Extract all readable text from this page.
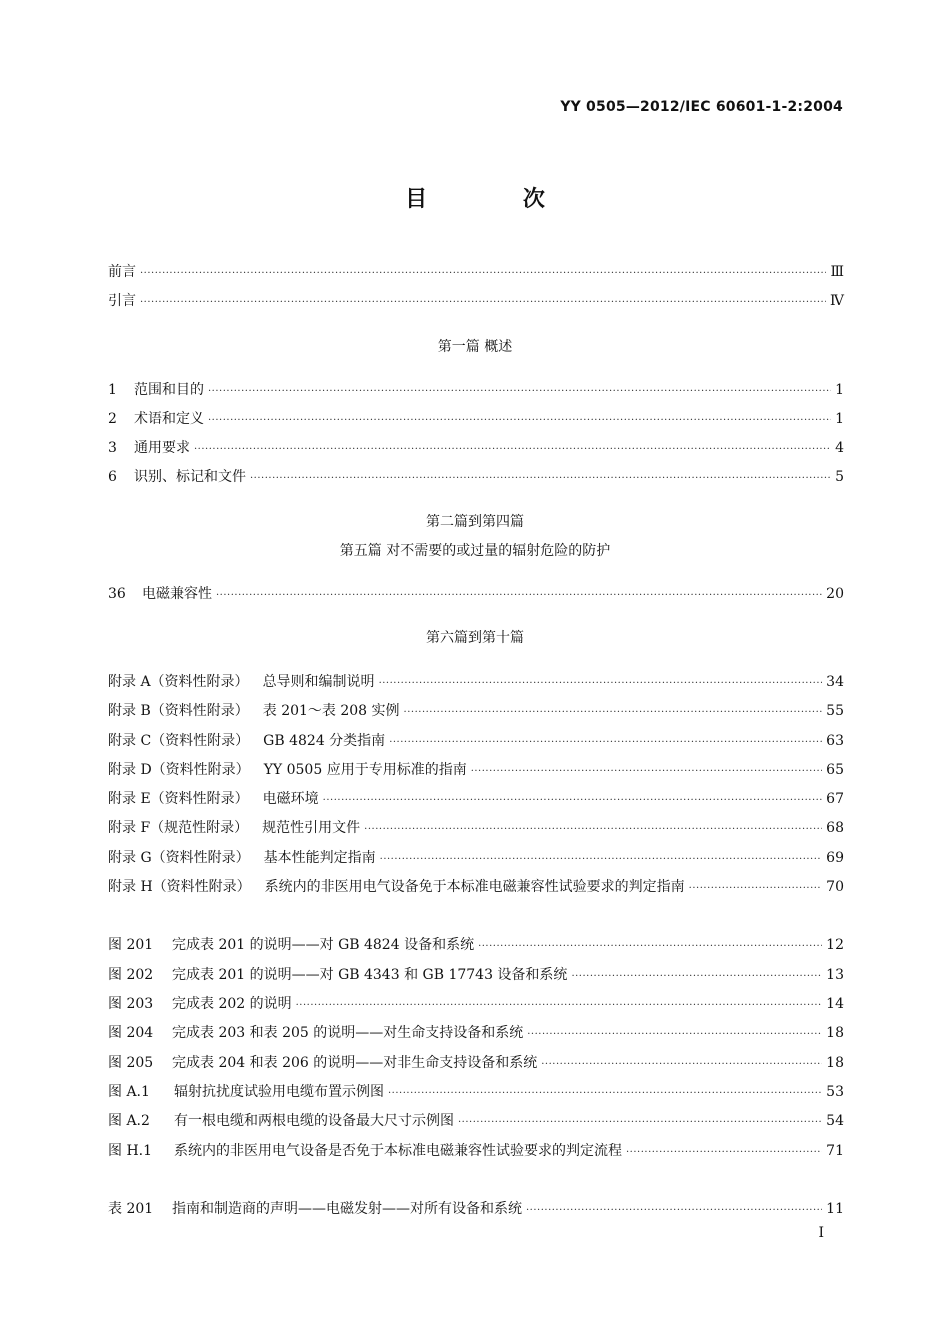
YY 0505—2012/IEC 60601-1-2:2004
目 次
前言 ·····	Ⅲ
引言 ·····	Ⅳ
第一篇 概述
1 范围和目的 ·····	1
2 术语和定义 ·····	1
3 通用要求 ·····	4
6 识别、标记和文件 ·····	5
第二篇到第四篇
第五篇 对不需要的或过量的辐射危险的防护
36 电磁兼容性 ·····	20
第六篇到第十篇
附录 A（资料性附录） 总导则和编制说明 ·····	34
附录 B（资料性附录） 表 201～表 208 实例 ·····	55
附录 C（资料性附录） GB 4824 分类指南 ·····	63
附录 D（资料性附录） YY 0505 应用于专用标准的指南 ·····	65
附录 E（资料性附录） 电磁环境 ·····	67
附录 F（规范性附录） 规范性引用文件 ·····	68
附录 G（资料性附录） 基本性能判定指南 ·····	69
附录 H（资料性附录） 系统内的非医用电气设备免于本标准电磁兼容性试验要求的判定指南 ·····	70
图 201 完成表 201 的说明——对 GB 4824 设备和系统 ·····	12
图 202 完成表 201 的说明——对 GB 4343 和 GB 17743 设备和系统 ·····	13
图 203 完成表 202 的说明 ·····	14
图 204 完成表 203 和表 205 的说明——对生命支持设备和系统 ·····	18
图 205 完成表 204 和表 206 的说明——对非生命支持设备和系统 ·····	18
图 A.1 辐射抗扰度试验用电缆布置示例图 ·····	53
图 A.2 有一根电缆和两根电缆的设备最大尺寸示例图 ·····	54
图 H.1 系统内的非医用电气设备是否免于本标准电磁兼容性试验要求的判定流程 ·····	71
表 201 指南和制造商的声明——电磁发射——对所有设备和系统 ·····	11
I
